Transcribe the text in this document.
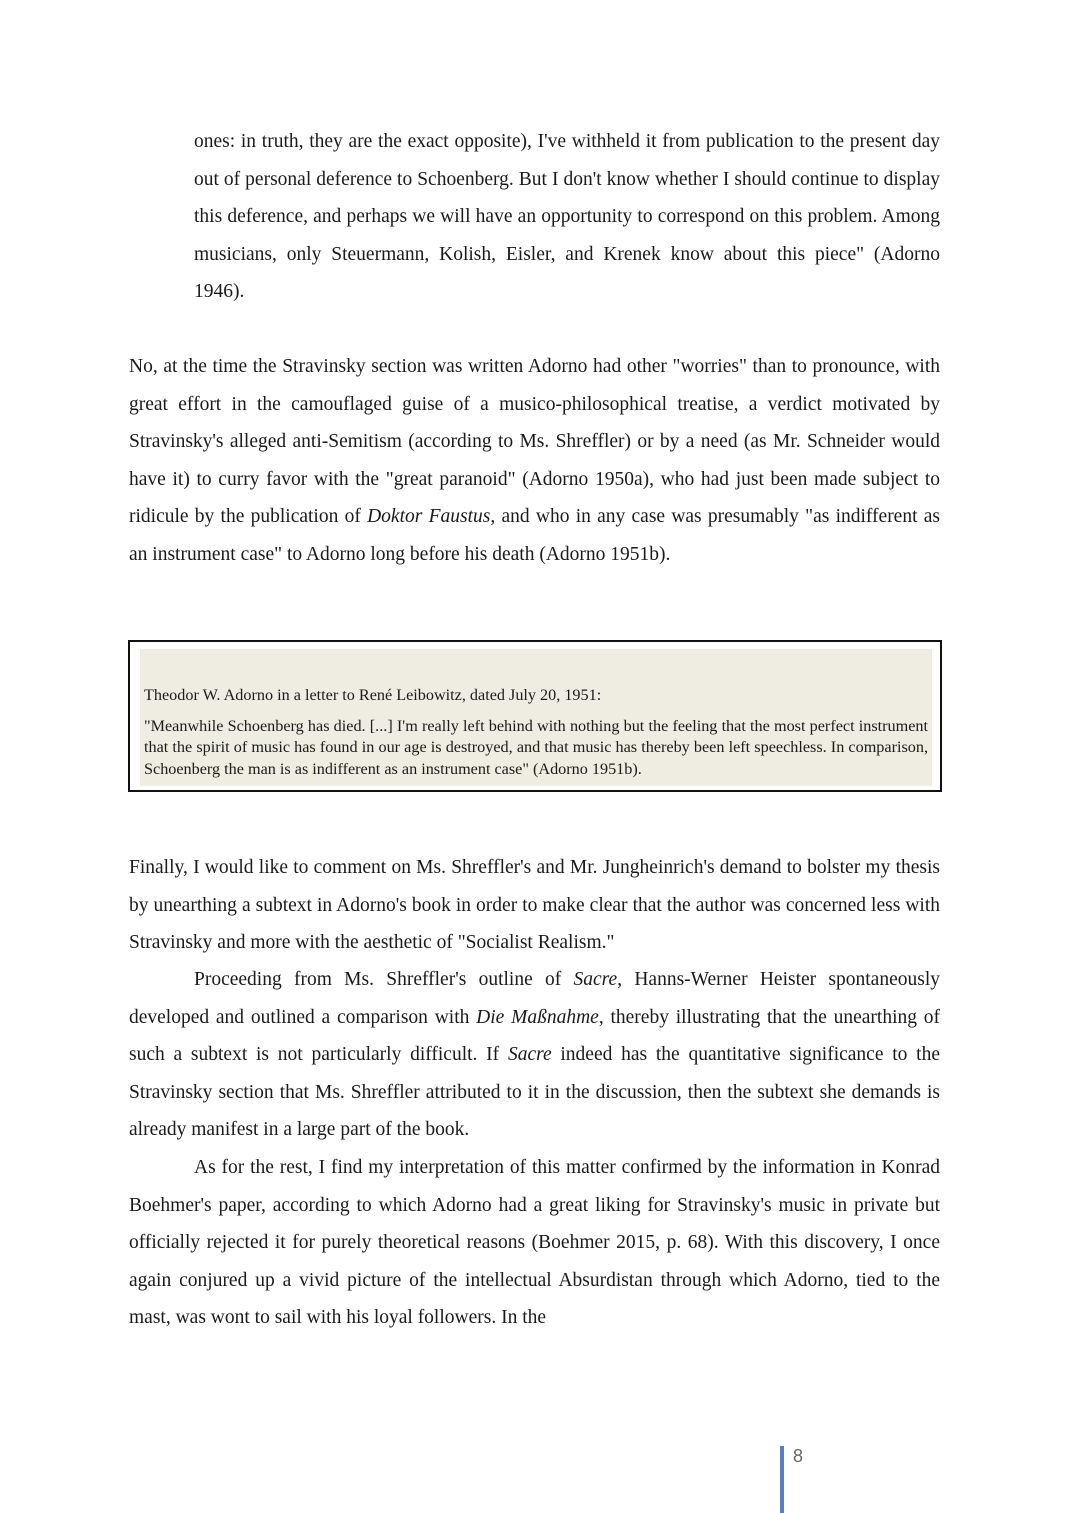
ones: in truth, they are the exact opposite), I've withheld it from publication to the present day out of personal deference to Schoenberg. But I don't know whether I should continue to display this deference, and perhaps we will have an opportunity to correspond on this problem. Among musicians, only Steuermann, Kolish, Eisler, and Krenek know about this piece" (Adorno 1946).

No, at the time the Stravinsky section was written Adorno had other "worries" than to pronounce, with great effort in the camouflaged guise of a musico-philosophical treatise, a verdict motivated by Stravinsky's alleged anti-Semitism (according to Ms. Shreffler) or by a need (as Mr. Schneider would have it) to curry favor with the "great paranoid" (Adorno 1950a), who had just been made subject to ridicule by the publication of Doktor Faustus, and who in any case was presumably "as indifferent as an instrument case" to Adorno long before his death (Adorno 1951b).

Theodor W. Adorno in a letter to René Leibowitz, dated July 20, 1951:

"Meanwhile Schoenberg has died. [...] I'm really left behind with nothing but the feeling that the most perfect instrument that the spirit of music has found in our age is destroyed, and that music has thereby been left speechless. In comparison, Schoenberg the man is as indifferent as an instrument case" (Adorno 1951b).

Finally, I would like to comment on Ms. Shreffler's and Mr. Jungheinrich's demand to bolster my thesis by unearthing a subtext in Adorno's book in order to make clear that the author was concerned less with Stravinsky and more with the aesthetic of "Socialist Realism."

Proceeding from Ms. Shreffler's outline of Sacre, Hanns-Werner Heister spontaneously developed and outlined a comparison with Die Maßnahme, thereby illustrating that the unearthing of such a subtext is not particularly difficult. If Sacre indeed has the quantitative significance to the Stravinsky section that Ms. Shreffler attributed to it in the discussion, then the subtext she demands is already manifest in a large part of the book.

As for the rest, I find my interpretation of this matter confirmed by the information in Konrad Boehmer's paper, according to which Adorno had a great liking for Stravinsky's music in private but officially rejected it for purely theoretical reasons (Boehmer 2015, p. 68). With this discovery, I once again conjured up a vivid picture of the intellectual Absurdistan through which Adorno, tied to the mast, was wont to sail with his loyal followers. In the

8
